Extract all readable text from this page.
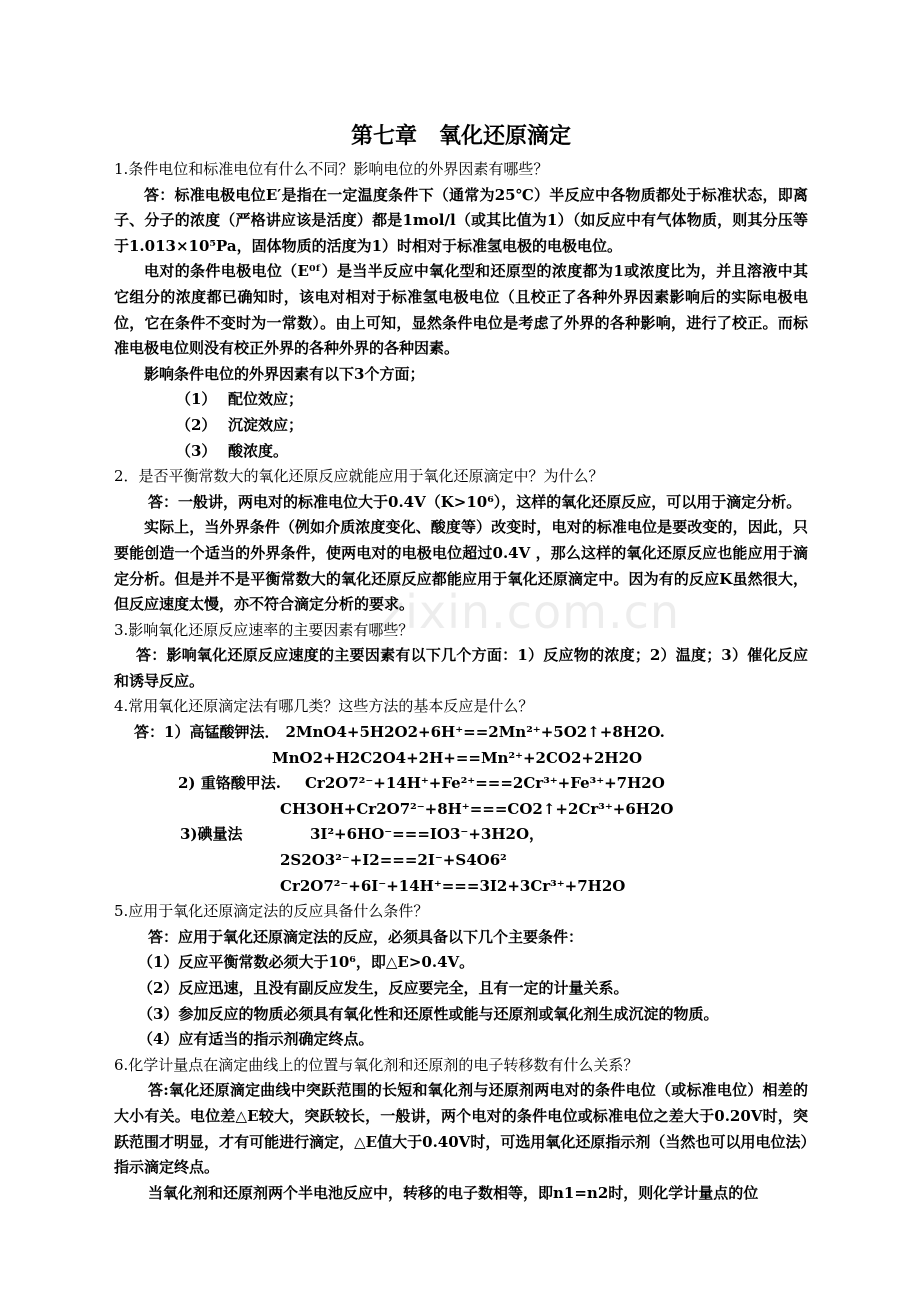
zixin.com.cn
第七章　氧化还原滴定

1.条件电位和标准电位有什么不同？影响电位的外界因素有哪些？

答：标准电极电位E′是指在一定温度条件下（通常为25℃）半反应中各物质都处于标准状态，即离子、分子的浓度（严格讲应该是活度）都是1mol/l（或其比值为1）（如反应中有气体物质，则其分压等于1.013×10⁵Pa，固体物质的活度为1）时相对于标准氢电极的电极电位。

电对的条件电极电位（E⁰ᶠ）是当半反应中氧化型和还原型的浓度都为1或浓度比为，并且溶液中其它组分的浓度都已确知时，该电对相对于标准氢电极电位（且校正了各种外界因素影响后的实际电极电位，它在条件不变时为一常数）。由上可知，显然条件电位是考虑了外界的各种影响，进行了校正。而标准电极电位则没有校正外界的各种外界的各种因素。

影响条件电位的外界因素有以下3个方面；

（1） 配位效应；

（2） 沉淀效应；

（3） 酸浓度。

2．是否平衡常数大的氧化还原反应就能应用于氧化还原滴定中？为什么？

答：一般讲，两电对的标准电位大于0.4V（K>10⁶），这样的氧化还原反应，可以用于滴定分析。

实际上，当外界条件（例如介质浓度变化、酸度等）改变时，电对的标准电位是要改变的，因此，只要能创造一个适当的外界条件，使两电对的电极电位超过0.4V ，那么这样的氧化还原反应也能应用于滴定分析。但是并不是平衡常数大的氧化还原反应都能应用于氧化还原滴定中。因为有的反应K虽然很大，但反应速度太慢，亦不符合滴定分析的要求。

3.影响氧化还原反应速率的主要因素有哪些？

答：影响氧化还原反应速度的主要因素有以下几个方面：1）反应物的浓度；2）温度；3）催化反应和诱导反应。

4.常用氧化还原滴定法有哪几类？这些方法的基本反应是什么？

答：1）高锰酸钾法． 2MnO4+5H2O2+6H⁺==2Mn²⁺+5O2↑+8H2O.

MnO2+H2C2O4+2H+==Mn²⁺+2CO2+2H2O

2) 重铬酸甲法. Cr2O7²⁻+14H⁺+Fe²⁺===2Cr³⁺+Fe³⁺+7H2O

CH3OH+Cr2O7²⁻+8H⁺===CO2↑+2Cr³⁺+6H2O

3)碘量法	3I²+6HO⁻===IO3⁻+3H2O，

2S2O3²⁻+I2===2I⁻+S4O6²

Cr2O7²⁻+6I⁻+14H⁺===3I2+3Cr³⁺+7H2O

5.应用于氧化还原滴定法的反应具备什么条件？

答：应用于氧化还原滴定法的反应，必须具备以下几个主要条件：

（1）反应平衡常数必须大于10⁶，即△E>0.4V。

（2）反应迅速，且没有副反应发生，反应要完全，且有一定的计量关系。

（3）参加反应的物质必须具有氧化性和还原性或能与还原剂或氧化剂生成沉淀的物质。

（4）应有适当的指示剂确定终点。

6.化学计量点在滴定曲线上的位置与氧化剂和还原剂的电子转移数有什么关系？

答:氧化还原滴定曲线中突跃范围的长短和氧化剂与还原剂两电对的条件电位（或标准电位）相差的大小有关。电位差△E较大，突跃较长，一般讲，两个电对的条件电位或标准电位之差大于0.20V时，突跃范围才明显，才有可能进行滴定，△E值大于0.40V时，可选用氧化还原指示剂（当然也可以用电位法）指示滴定终点。

当氧化剂和还原剂两个半电池反应中，转移的电子数相等，即n1=n2时，则化学计量点的位
